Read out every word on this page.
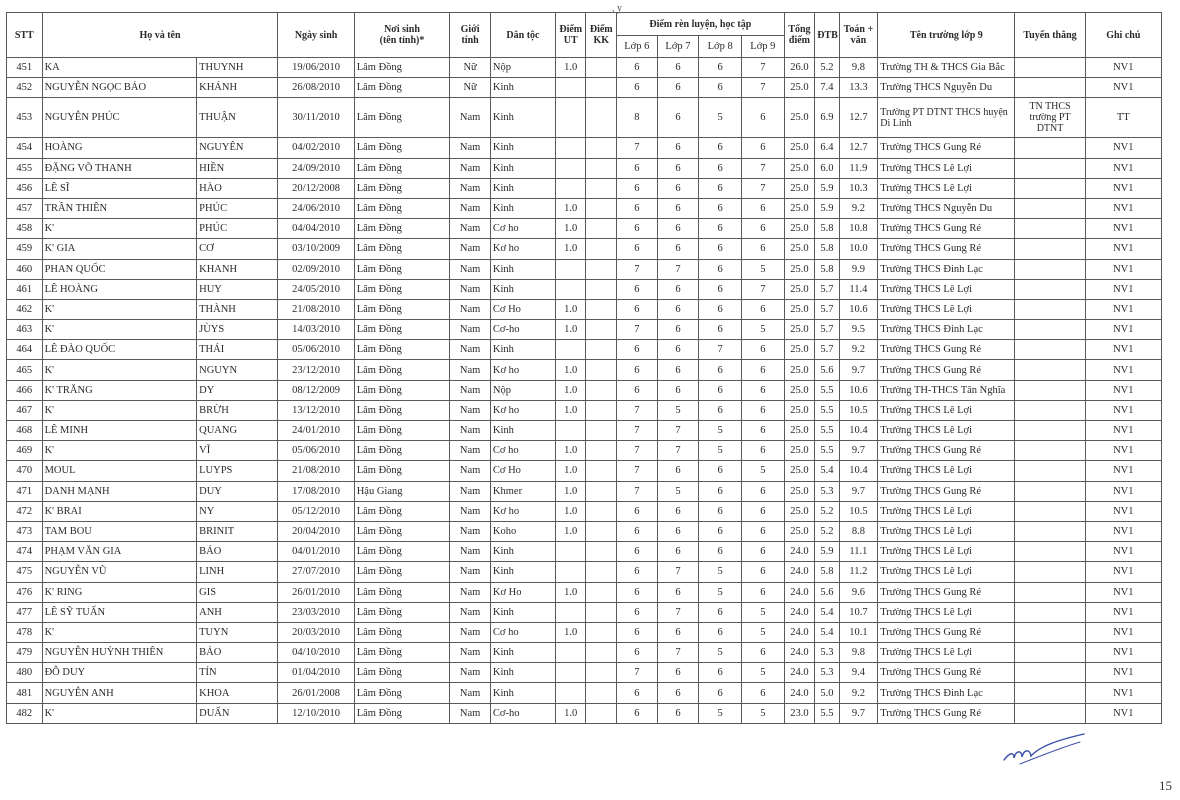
, y
STT	Họ và tên		Ngày sinh	Nơi sinh
(tên tỉnh)*	Giới
tính	Dân tộc	Điểm
UT	Điểm
KK	Điểm rèn luyện, học tập				Tổng
điểm	ĐTB	Toán +
văn	Tên trường lớp 9	Tuyển thẳng	Ghi chú
									Lớp 6	Lớp 7	Lớp 8	Lớp 9						
451	KA	THUYNH	19/06/2010	Lâm Đồng	Nữ	Nộp	1.0		6	6	6	7	26.0	5.2	9.8	Trường TH & THCS Gia Bắc		NV1
452	NGUYỄN NGỌC BẢO	KHÁNH	26/08/2010	Lâm Đồng	Nữ	Kinh			6	6	6	7	25.0	7.4	13.3	Trường THCS Nguyễn Du		NV1
453	NGUYỄN PHÚC	THUẬN	30/11/2010	Lâm Đồng	Nam	Kinh			8	6	5	6	25.0	6.9	12.7	Trường PT DTNT THCS huyện Di Linh	TN THCS trường PT DTNT	TT
454	HOÀNG	NGUYÊN	04/02/2010	Lâm Đồng	Nam	Kinh			7	6	6	6	25.0	6.4	12.7	Trường THCS Gung Ré		NV1
455	ĐẶNG VÕ THANH	HIỀN	24/09/2010	Lâm Đồng	Nam	Kinh			6	6	6	7	25.0	6.0	11.9	Trường THCS Lê Lợi		NV1
456	LÊ SĨ	HÀO	20/12/2008	Lâm Đồng	Nam	Kinh			6	6	6	7	25.0	5.9	10.3	Trường THCS Lê Lợi		NV1
457	TRẦN THIÊN	PHÚC	24/06/2010	Lâm Đồng	Nam	Kinh	1.0		6	6	6	6	25.0	5.9	9.2	Trường THCS Nguyễn Du		NV1
458	K'	PHÚC	04/04/2010	Lâm Đồng	Nam	Cơ ho	1.0		6	6	6	6	25.0	5.8	10.8	Trường THCS Gung Ré		NV1
459	K' GIA	CƠ	03/10/2009	Lâm Đồng	Nam	Kơ ho	1.0		6	6	6	6	25.0	5.8	10.0	Trường THCS Gung Ré		NV1
460	PHAN QUỐC	KHANH	02/09/2010	Lâm Đồng	Nam	Kinh			7	7	6	5	25.0	5.8	9.9	Trường THCS Đinh Lạc		NV1
461	LÊ HOÀNG	HUY	24/05/2010	Lâm Đồng	Nam	Kinh			6	6	6	7	25.0	5.7	11.4	Trường THCS Lê Lợi		NV1
462	K'	THÀNH	21/08/2010	Lâm Đồng	Nam	Cơ Ho	1.0		6	6	6	6	25.0	5.7	10.6	Trường THCS Lê Lợi		NV1
463	K'	JÙYS	14/03/2010	Lâm Đồng	Nam	Cơ-ho	1.0		7	6	6	5	25.0	5.7	9.5	Trường THCS Đinh Lạc		NV1
464	LÊ ĐÀO QUỐC	THÁI	05/06/2010	Lâm Đồng	Nam	Kinh			6	6	7	6	25.0	5.7	9.2	Trường THCS Gung Ré		NV1
465	K'	NGUYN	23/12/2010	Lâm Đồng	Nam	Kơ ho	1.0		6	6	6	6	25.0	5.6	9.7	Trường THCS Gung Ré		NV1
466	K' TRĂNG	DY	08/12/2009	Lâm Đồng	Nam	Nộp	1.0		6	6	6	6	25.0	5.5	10.6	Trường TH-THCS Tân Nghĩa		NV1
467	K'	BRỪH	13/12/2010	Lâm Đồng	Nam	Kơ ho	1.0		7	5	6	6	25.0	5.5	10.5	Trường THCS Lê Lợi		NV1
468	LÊ MINH	QUANG	24/01/2010	Lâm Đồng	Nam	Kinh			7	7	5	6	25.0	5.5	10.4	Trường THCS Lê Lợi		NV1
469	K'	VĨ	05/06/2010	Lâm Đồng	Nam	Cơ ho	1.0		7	7	5	6	25.0	5.5	9.7	Trường THCS Gung Ré		NV1
470	MOUL	LUYPS	21/08/2010	Lâm Đồng	Nam	Cơ Ho	1.0		7	6	6	5	25.0	5.4	10.4	Trường THCS Lê Lợi		NV1
471	DANH MẠNH	DUY	17/08/2010	Hậu Giang	Nam	Khmer	1.0		7	5	6	6	25.0	5.3	9.7	Trường THCS Gung Ré		NV1
472	K' BRAI	NY	05/12/2010	Lâm Đồng	Nam	Kơ ho	1.0		6	6	6	6	25.0	5.2	10.5	Trường THCS Lê Lợi		NV1
473	TAM BOU	BRINIT	20/04/2010	Lâm Đồng	Nam	Koho	1.0		6	6	6	6	25.0	5.2	8.8	Trường THCS Lê Lợi		NV1
474	PHẠM VĂN GIA	BẢO	04/01/2010	Lâm Đồng	Nam	Kinh			6	6	6	6	24.0	5.9	11.1	Trường THCS Lê Lợi		NV1
475	NGUYỄN VŨ	LINH	27/07/2010	Lâm Đồng	Nam	Kinh			6	7	5	6	24.0	5.8	11.2	Trường THCS Lê Lợi		NV1
476	K' RING	GIS	26/01/2010	Lâm Đồng	Nam	Kơ Ho	1.0		6	6	5	6	24.0	5.6	9.6	Trường THCS Gung Ré		NV1
477	LÊ SỸ TUẤN	ANH	23/03/2010	Lâm Đồng	Nam	Kinh			6	7	6	5	24.0	5.4	10.7	Trường THCS Lê Lợi		NV1
478	K'	TUYN	20/03/2010	Lâm Đồng	Nam	Cơ ho	1.0		6	6	6	5	24.0	5.4	10.1	Trường THCS Gung Ré		NV1
479	NGUYỄN HUỲNH THIÊN	BẢO	04/10/2010	Lâm Đồng	Nam	Kinh			6	7	5	6	24.0	5.3	9.8	Trường THCS Lê Lợi		NV1
480	ĐỖ DUY	TÍN	01/04/2010	Lâm Đồng	Nam	Kinh			7	6	6	5	24.0	5.3	9.4	Trường THCS Gung Ré		NV1
481	NGUYỄN ANH	KHOA	26/01/2008	Lâm Đồng	Nam	Kinh			6	6	6	6	24.0	5.0	9.2	Trường THCS Đinh Lạc		NV1
482	K'	DUẨN	12/10/2010	Lâm Đồng	Nam	Cơ-ho	1.0		6	6	5	5	23.0	5.5	9.7	Trường THCS Gung Ré		NV1
15
